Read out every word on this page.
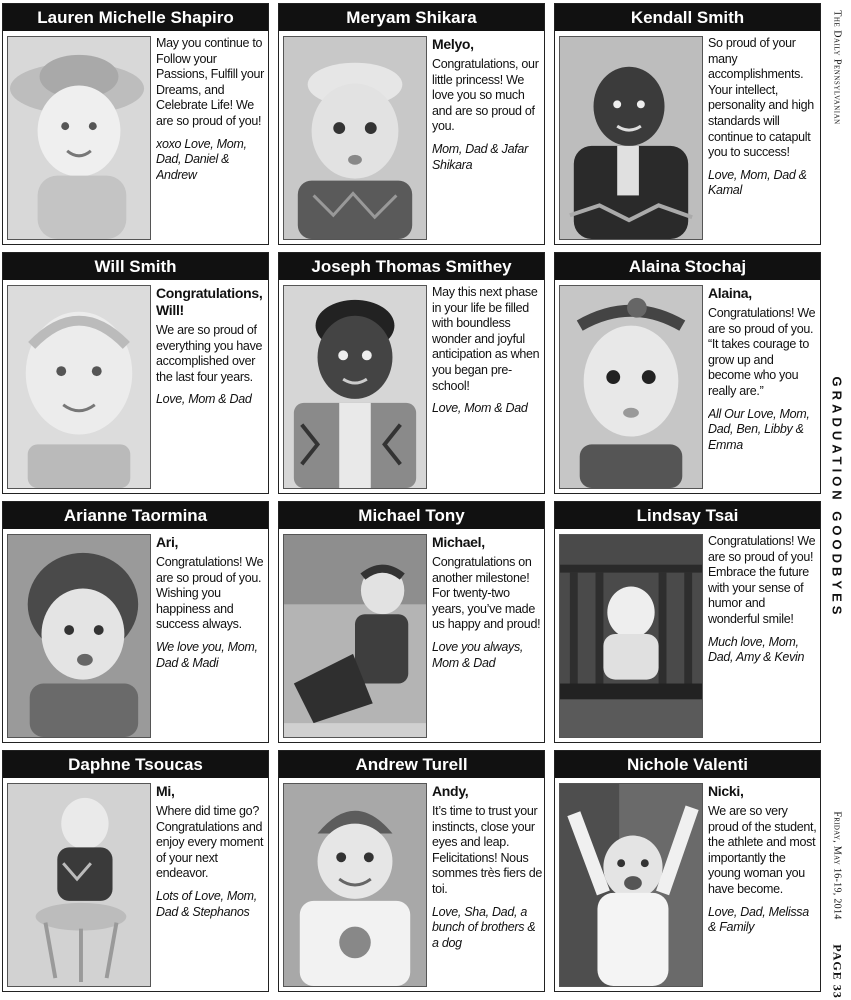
Lauren Michelle Shapiro
May you continue to Follow your Passions, Fulfill your Dreams, and Celebrate Life! We are so proud of you!
xoxo Love, Mom, Dad, Daniel & Andrew
Meryam Shikara
Melyo,
Congratulations, our little princess! We love you so much and are so proud of you.
Mom, Dad & Jafar Shikara
Kendall Smith
So proud of your many accomplishments. Your intellect, personality and high standards will continue to catapult you to success!
Love, Mom, Dad & Kamal
Will Smith
Congratulations, Will!
We are so proud of everything you have accomplished over the last four years.
Love, Mom & Dad
Joseph Thomas Smithey
May this next phase in your life be filled with boundless wonder and joyful anticipation as when you began pre-school!
Love, Mom & Dad
Alaina Stochaj
Alaina,
Congratulations! We are so proud of you. “It takes courage to grow up and become who you really are.”
All Our Love, Mom, Dad, Ben, Libby & Emma
Arianne Taormina
Ari,
Congratulations! We are so proud of you. Wishing you happiness and success always.
We love you, Mom, Dad & Madi
Michael Tony
Michael,
Congratulations on another milestone! For twenty-two years, you’ve made us happy and proud!
Love you always, Mom & Dad
Lindsay Tsai
Congratulations! We are so proud of you! Embrace the future with your sense of humor and wonderful smile!
Much love, Mom, Dad, Amy & Kevin
Daphne Tsoucas
Mi,
Where did time go? Congratulations and enjoy every moment of your next endeavor.
Lots of Love, Mom, Dad & Stephanos
Andrew Turell
Andy,
It’s time to trust your instincts, close your eyes and leap. Felicitations! Nous sommes très fiers de toi.
Love, Sha, Dad, a bunch of brothers & a dog
Nichole Valenti
Nicki,
We are so very proud of the student, the athlete and most importantly the young woman you have become.
Love, Dad, Melissa & Family
The Daily Pennsylvanian
GRADUATION GOODBYES
Friday, May 16-19, 2014
PAGE 33
